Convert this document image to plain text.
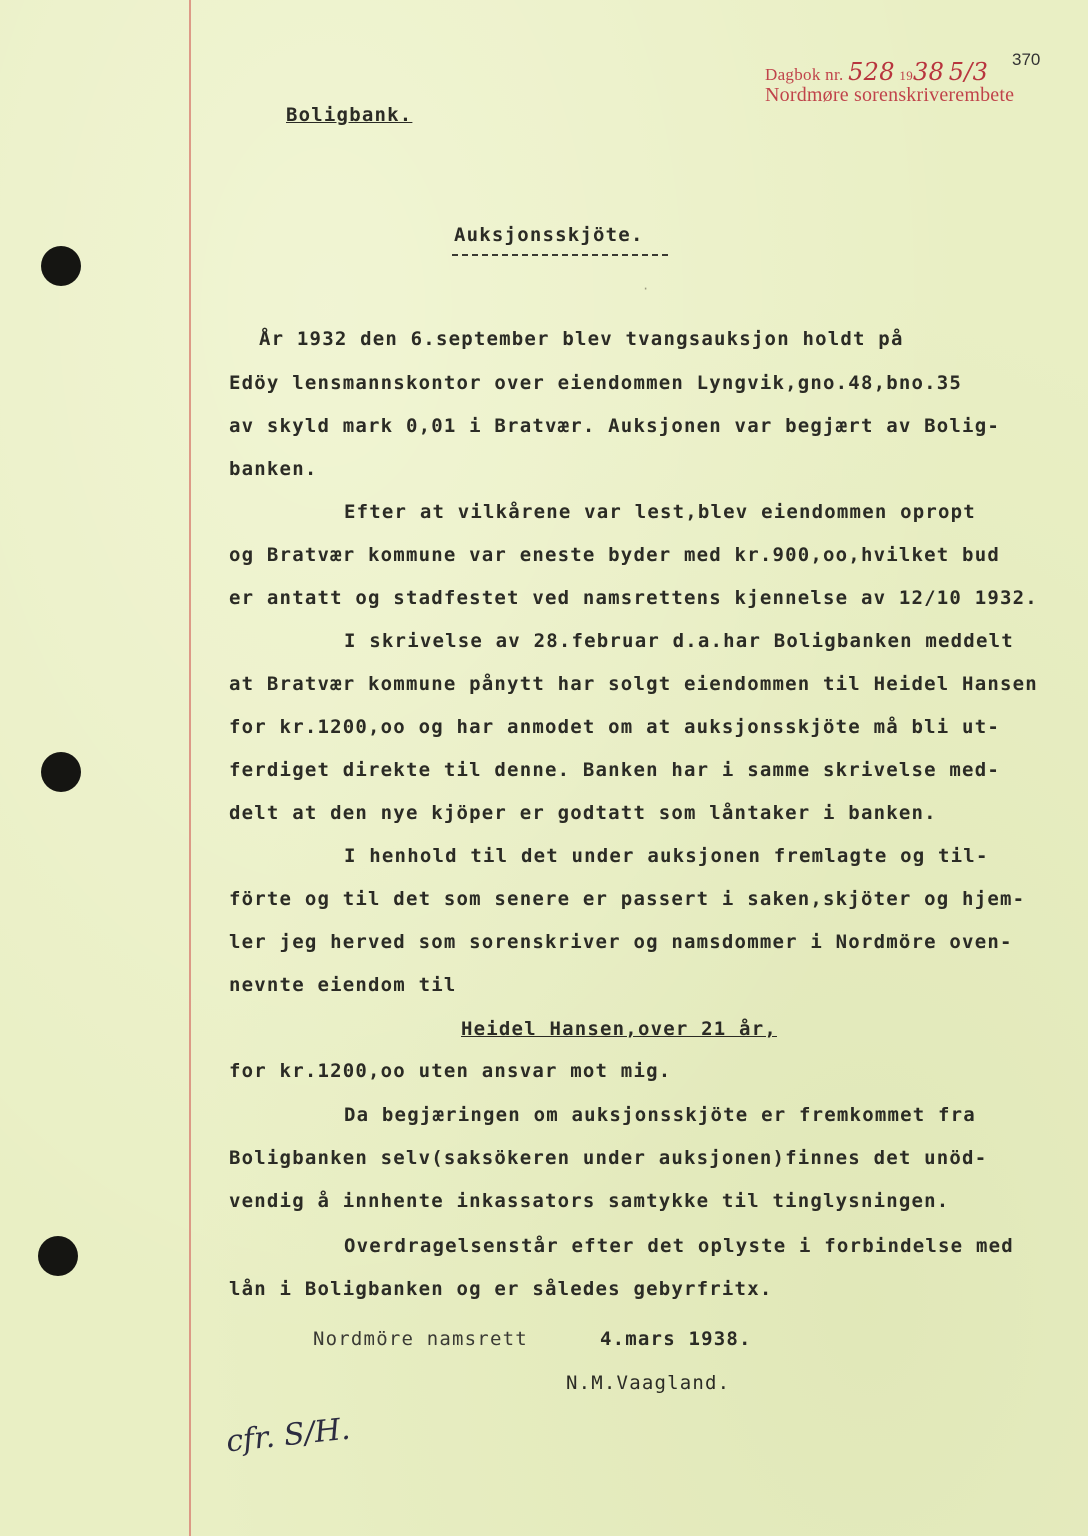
Dagbok nr. 528 1938 5/3
Nordmøre sorenskriverembete
370
Boligbank.
Auksjonsskjöte.
·
År 1932 den 6.september blev tvangsauksjon holdt på
Edöy lensmannskontor over eiendommen Lyngvik,gno.48,bno.35
av skyld mark 0,01 i Bratvær. Auksjonen var begjært av Bolig-
banken.
Efter at vilkårene var lest,blev eiendommen opropt
og Bratvær kommune var eneste byder med kr.900,oo,hvilket bud
er antatt og stadfestet ved namsrettens kjennelse av 12/10 1932.
I skrivelse av 28.februar d.a.har Boligbanken meddelt
at Bratvær kommune pånytt har solgt eiendommen til Heidel Hansen
for kr.1200,oo og har anmodet om at auksjonsskjöte må bli ut-
ferdiget direkte til denne. Banken har i samme skrivelse med-
delt at den nye kjöper er godtatt som låntaker i banken.
I henhold til det under auksjonen fremlagte og til-
förte og til det som senere er passert i saken,skjöter og hjem-
ler jeg herved som sorenskriver og namsdommer i Nordmöre oven-
nevnte eiendom til
Heidel Hansen,over 21 år,
for kr.1200,oo uten ansvar mot mig.
Da begjæringen om auksjonsskjöte er fremkommet fra
Boligbanken selv(saksökeren under auksjonen)finnes det unöd-
vendig å innhente inkassators samtykke til tinglysningen.
Overdragelsenstår efter det oplyste i forbindelse med
lån i Boligbanken og er således gebyrfritx.
Nordmöre namsrett	4.mars 1938.
N.M.Vaagland.
cfr. S/H.
